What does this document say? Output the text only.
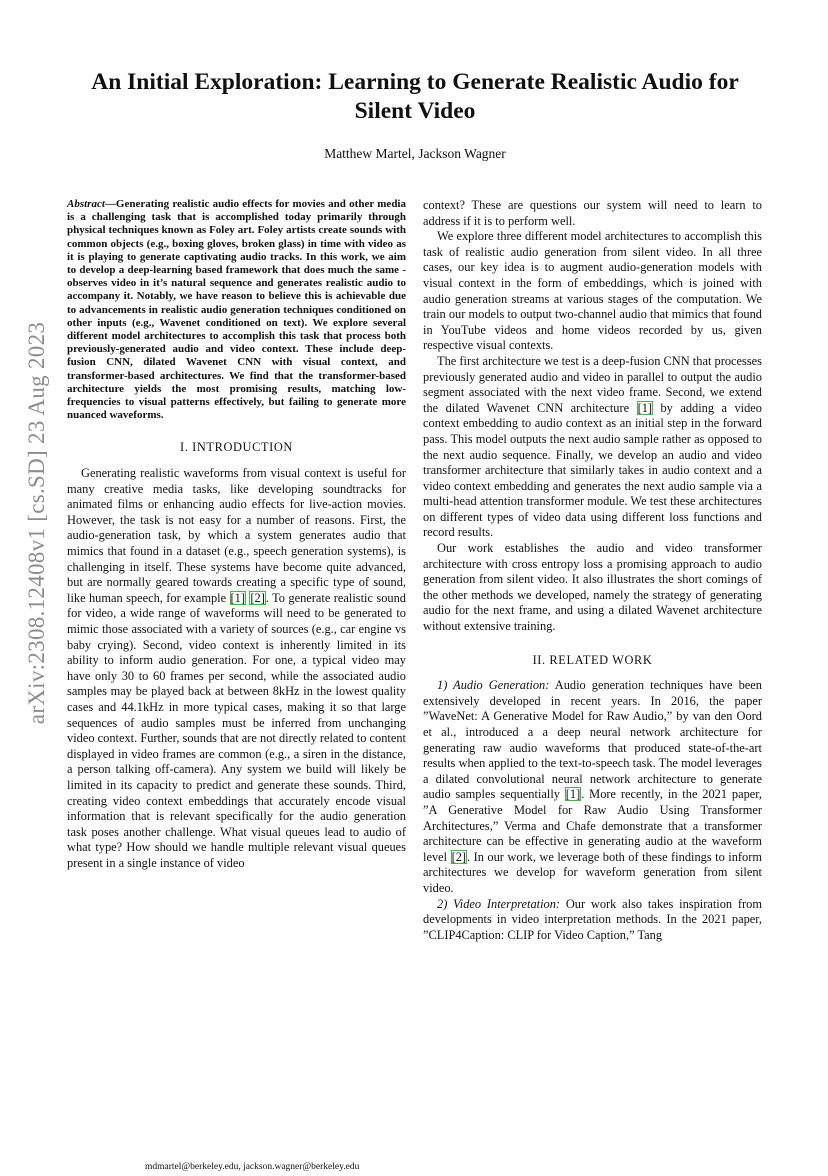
arXiv:2308.12408v1 [cs.SD] 23 Aug 2023
An Initial Exploration: Learning to Generate Realistic Audio for
Silent Video
Matthew Martel, Jackson Wagner

Abstract—Generating realistic audio effects for movies and other media is a challenging task that is accomplished today primarily through physical techniques known as Foley art. Foley artists create sounds with common objects (e.g., boxing gloves, broken glass) in time with video as it is playing to generate captivating audio tracks. In this work, we aim to develop a deep-learning based framework that does much the same - observes video in it’s natural sequence and generates realistic audio to accompany it. Notably, we have reason to believe this is achievable due to advancements in realistic audio generation techniques conditioned on other inputs (e.g., Wavenet conditioned on text). We explore several different model architectures to accomplish this task that process both previously-generated audio and video context. These include deep-fusion CNN, dilated Wavenet CNN with visual context, and transformer-based architectures. We find that the transformer-based architecture yields the most promising results, matching low-frequencies to visual patterns effectively, but failing to generate more nuanced waveforms.

I. INTRODUCTION

Generating realistic waveforms from visual context is useful for many creative media tasks, like developing soundtracks for animated films or enhancing audio effects for live-action movies. However, the task is not easy for a number of reasons. First, the audio-generation task, by which a system generates audio that mimics that found in a dataset (e.g., speech generation systems), is challenging in itself. These systems have become quite advanced, but are normally geared towards creating a specific type of sound, like human speech, for example [1] [2]. To generate realistic sound for video, a wide range of waveforms will need to be generated to mimic those associated with a variety of sources (e.g., car engine vs baby crying). Second, video context is inherently limited in its ability to inform audio generation. For one, a typical video may have only 30 to 60 frames per second, while the associated audio samples may be played back at between 8kHz in the lowest quality cases and 44.1kHz in more typical cases, making it so that large sequences of audio samples must be inferred from unchanging video context. Further, sounds that are not directly related to content displayed in video frames are common (e.g., a siren in the distance, a person talking off-camera). Any system we build will likely be limited in its capacity to predict and generate these sounds. Third, creating video context embeddings that accurately encode visual information that is relevant specifically for the audio generation task poses another challenge. What visual queues lead to audio of what type? How should we handle multiple relevant visual queues present in a single instance of video

mdmartel@berkeley.edu, jackson.wagner@berkeley.edu

context? These are questions our system will need to learn to address if it is to perform well.

We explore three different model architectures to accomplish this task of realistic audio generation from silent video. In all three cases, our key idea is to augment audio-generation models with visual context in the form of embeddings, which is joined with audio generation streams at various stages of the computation. We train our models to output two-channel audio that mimics that found in YouTube videos and home videos recorded by us, given respective visual contexts.

The first architecture we test is a deep-fusion CNN that processes previously generated audio and video in parallel to output the audio segment associated with the next video frame. Second, we extend the dilated Wavenet CNN architecture [1] by adding a video context embedding to audio context as an initial step in the forward pass. This model outputs the next audio sample rather as opposed to the next audio sequence. Finally, we develop an audio and video transformer architecture that similarly takes in audio context and a video context embedding and generates the next audio sample via a multi-head attention transformer module. We test these architectures on different types of video data using different loss functions and record results.

Our work establishes the audio and video transformer architecture with cross entropy loss a promising approach to audio generation from silent video. It also illustrates the short comings of the other methods we developed, namely the strategy of generating audio for the next frame, and using a dilated Wavenet architecture without extensive training.

II. RELATED WORK

1) Audio Generation: Audio generation techniques have been extensively developed in recent years. In 2016, the paper ”WaveNet: A Generative Model for Raw Audio,” by van den Oord et al., introduced a a deep neural network architecture for generating raw audio waveforms that produced state-of-the-art results when applied to the text-to-speech task. The model leverages a dilated convolutional neural network architecture to generate audio samples sequentially [1]. More recently, in the 2021 paper, ”A Generative Model for Raw Audio Using Transformer Architectures,” Verma and Chafe demonstrate that a transformer architecture can be effective in generating audio at the waveform level [2]. In our work, we leverage both of these findings to inform architectures we develop for waveform generation from silent video.

2) Video Interpretation: Our work also takes inspiration from developments in video interpretation methods. In the 2021 paper, ”CLIP4Caption: CLIP for Video Caption,” Tang
